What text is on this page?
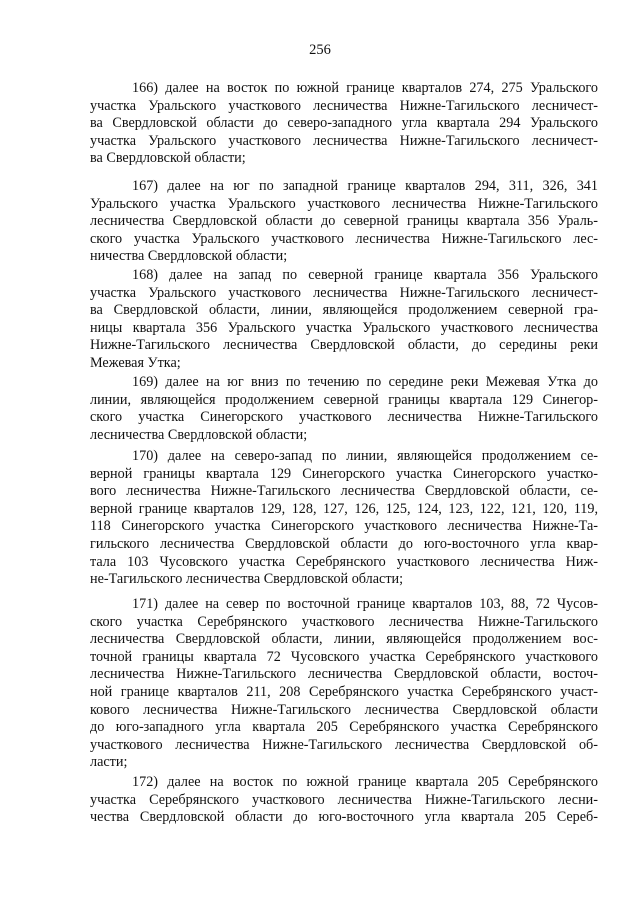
256
166) далее на восток по южной границе кварталов 274, 275 Уральского
участка Уральского участкового лесничества Нижне-Тагильского лесничест-
ва Свердловской области до северо-западного угла квартала 294 Уральского
участка Уральского участкового лесничества Нижне-Тагильского лесничест-
ва Свердловской области;
167) далее на юг по западной границе кварталов 294, 311, 326, 341
Уральского участка Уральского участкового лесничества Нижне-Тагильского
лесничества Свердловской области до северной границы квартала 356 Ураль-
ского участка Уральского участкового лесничества Нижне-Тагильского лес-
ничества Свердловской области;
168) далее на запад по северной границе квартала 356 Уральского
участка Уральского участкового лесничества Нижне-Тагильского лесничест-
ва Свердловской области, линии, являющейся продолжением северной гра-
ницы квартала 356 Уральского участка Уральского участкового лесничества
Нижне-Тагильского лесничества Свердловской области, до середины реки
Межевая Утка;
169) далее на юг вниз по течению по середине реки Межевая Утка до
линии, являющейся продолжением северной границы квартала 129 Синегор-
ского участка Синегорского участкового лесничества Нижне-Тагильского
лесничества Свердловской области;
170) далее на северо-запад по линии, являющейся продолжением се-
верной границы квартала 129 Синегорского участка Синегорского участко-
вого лесничества Нижне-Тагильского лесничества Свердловской области, се-
верной границе кварталов 129, 128, 127, 126, 125, 124, 123, 122, 121, 120, 119,
118 Синегорского участка Синегорского участкового лесничества Нижне-Та-
гильского лесничества Свердловской области до юго-восточного угла квар-
тала 103 Чусовского участка Серебрянского участкового лесничества Ниж-
не-Тагильского лесничества Свердловской области;
171) далее на север по восточной границе кварталов 103, 88, 72 Чусов-
ского участка Серебрянского участкового лесничества Нижне-Тагильского
лесничества Свердловской области, линии, являющейся продолжением вос-
точной границы квартала 72 Чусовского участка Серебрянского участкового
лесничества Нижне-Тагильского лесничества Свердловской области, восточ-
ной границе кварталов 211, 208 Серебрянского участка Серебрянского участ-
кового лесничества Нижне-Тагильского лесничества Свердловской области
до юго-западного угла квартала 205 Серебрянского участка Серебрянского
участкового лесничества Нижне-Тагильского лесничества Свердловской об-
ласти;
172) далее на восток по южной границе квартала 205 Серебрянского
участка Серебрянского участкового лесничества Нижне-Тагильского лесни-
чества Свердловской области до юго-восточного угла квартала 205 Сереб-
